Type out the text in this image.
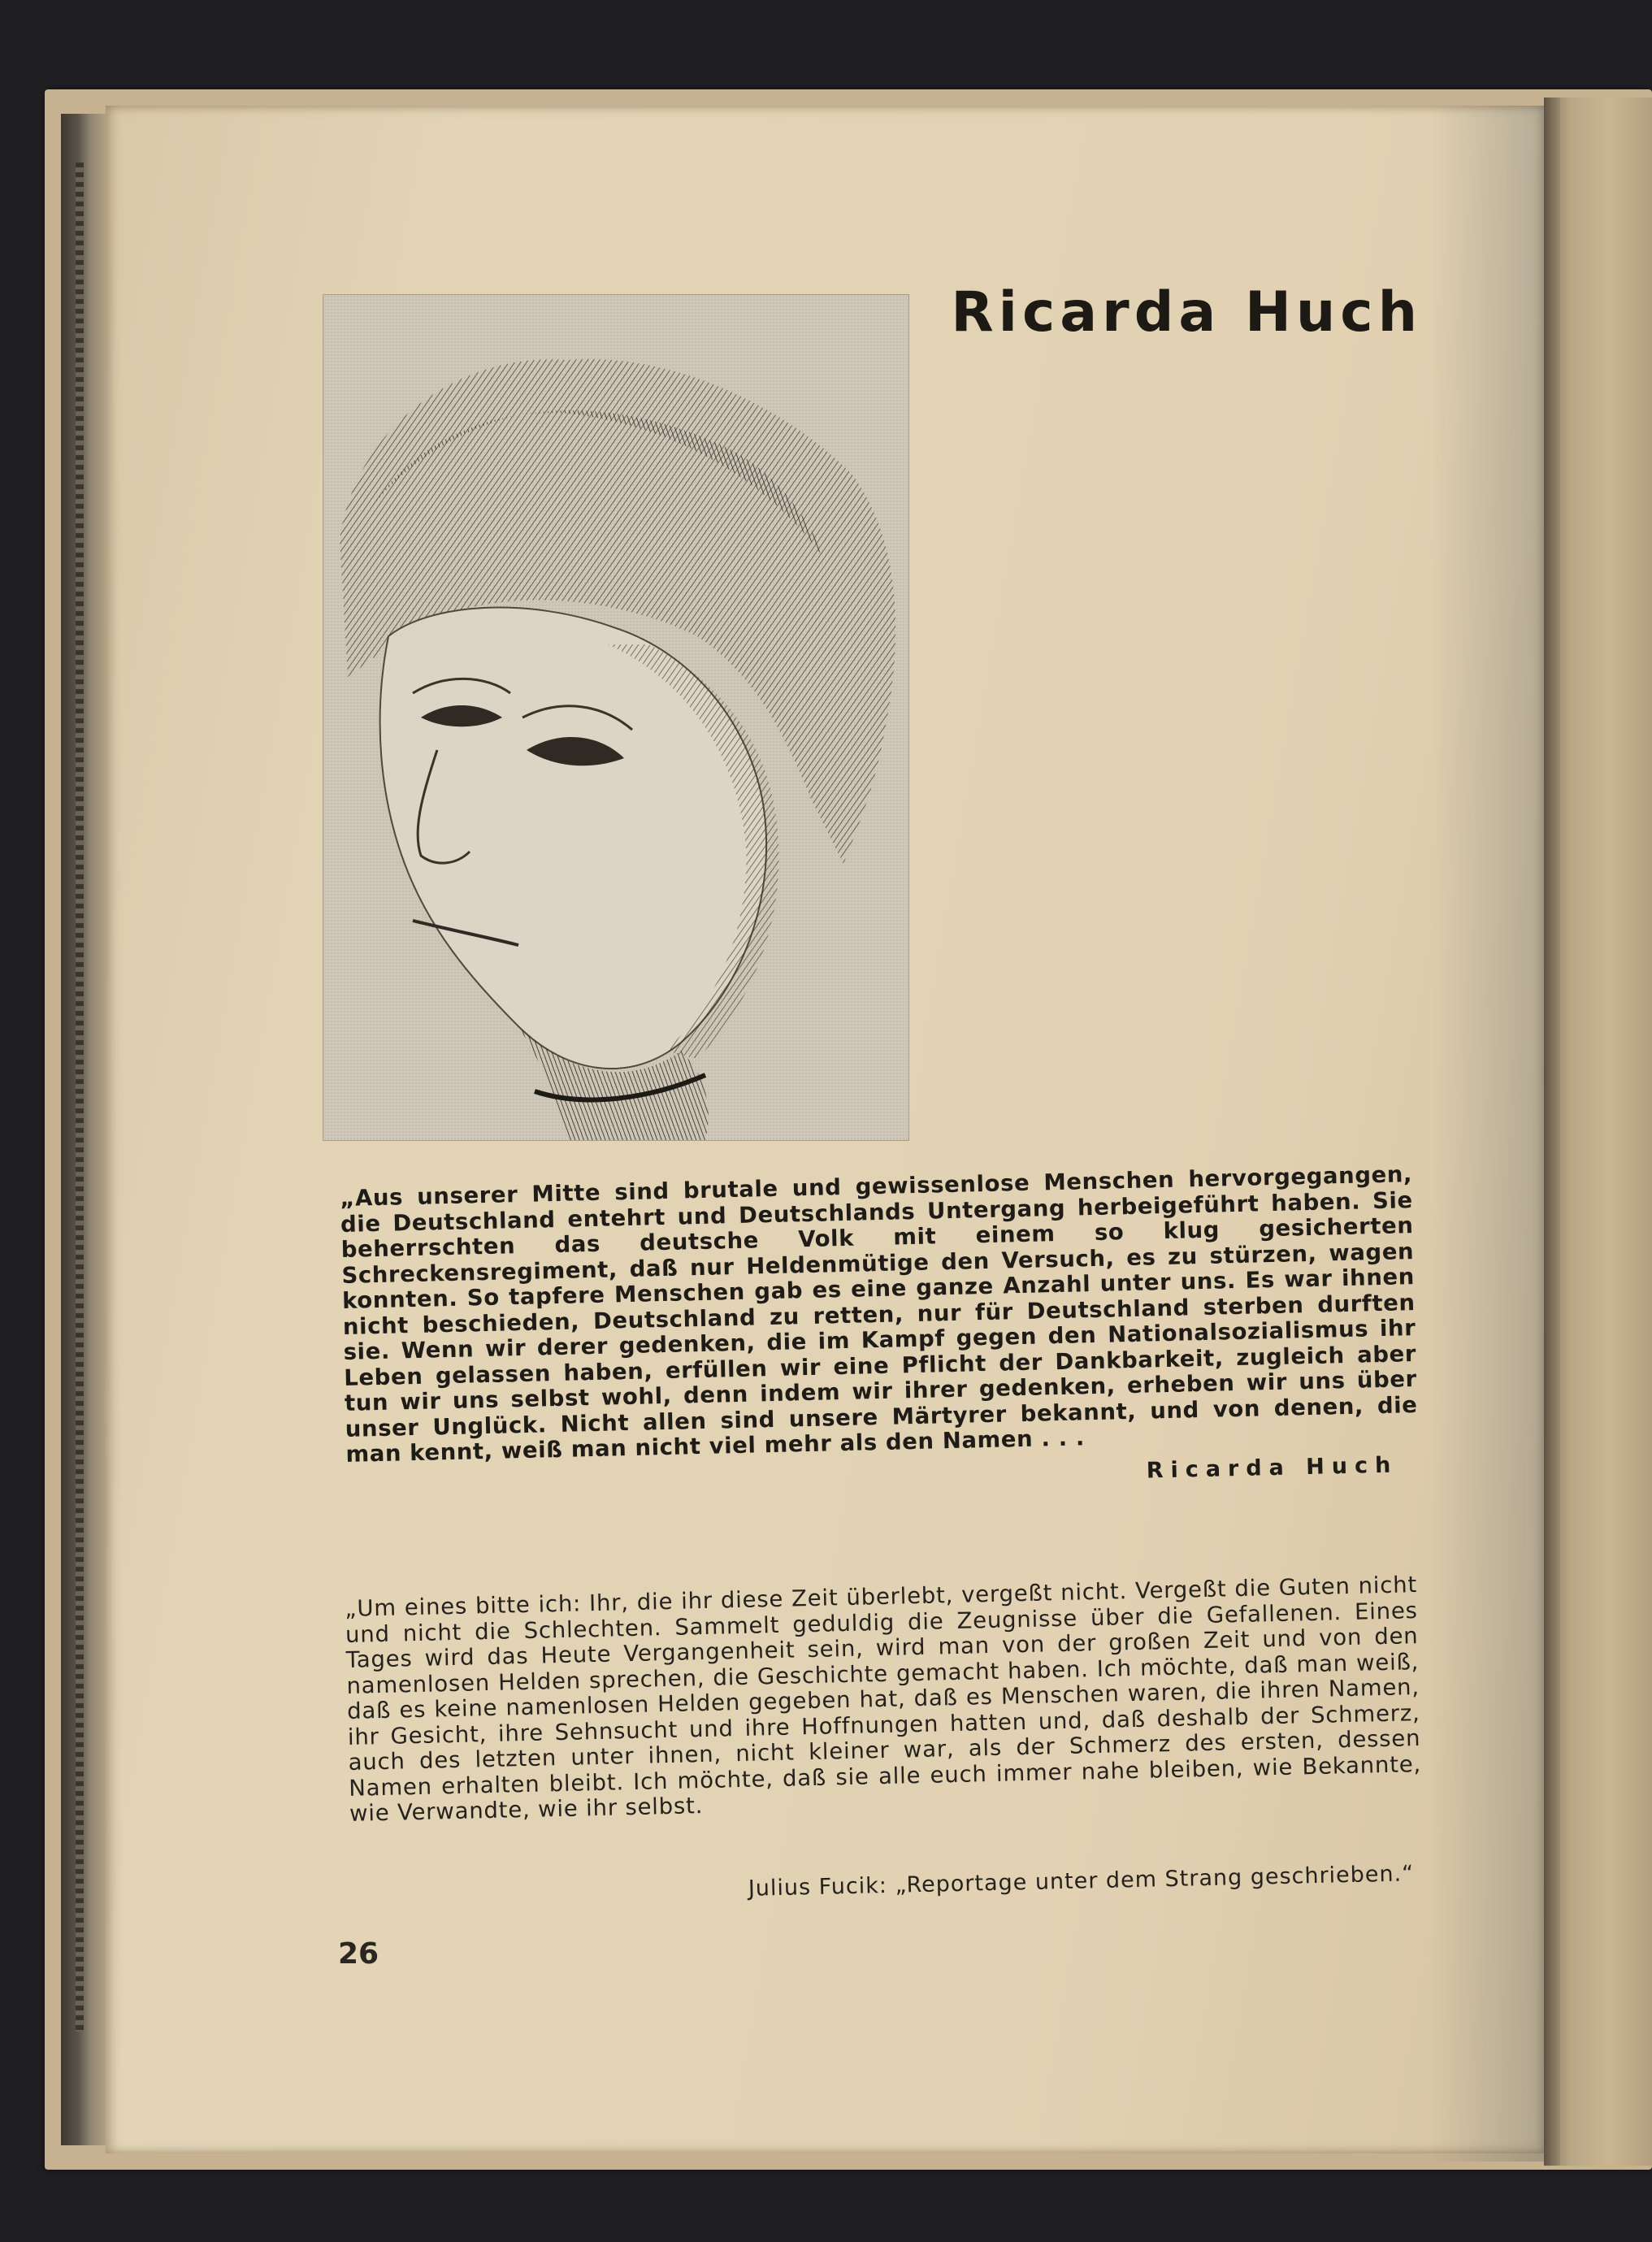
Ricarda Huch
„Aus unserer Mitte sind brutale und gewissenlose Menschen hervorgegangen, die Deutschland entehrt und Deutschlands Untergang herbeigeführt haben. Sie beherrschten das deutsche Volk mit einem so klug gesicherten Schreckensregiment, daß nur Heldenmütige den Versuch, es zu stürzen, wagen konnten. So tapfere Menschen gab es eine ganze Anzahl unter uns. Es war ihnen nicht beschieden, Deutschland zu retten, nur für Deutschland sterben durften sie. Wenn wir derer gedenken, die im Kampf gegen den Nationalsozialismus ihr Leben gelassen haben, erfüllen wir eine Pflicht der Dankbarkeit, zugleich aber tun wir uns selbst wohl, denn indem wir ihrer gedenken, erheben wir uns über unser Unglück. Nicht allen sind unsere Märtyrer bekannt, und von denen, die man kennt, weiß man nicht viel mehr als den Namen . . .
Ricarda Huch
„Um eines bitte ich: Ihr, die ihr diese Zeit überlebt, vergeßt nicht. Vergeßt die Guten nicht und nicht die Schlechten. Sammelt geduldig die Zeugnisse über die Gefallenen. Eines Tages wird das Heute Vergangenheit sein, wird man von der großen Zeit und von den namenlosen Helden sprechen, die Geschichte gemacht haben. Ich möchte, daß man weiß, daß es keine namenlosen Helden gegeben hat, daß es Menschen waren, die ihren Namen, ihr Gesicht, ihre Sehnsucht und ihre Hoffnungen hatten und, daß deshalb der Schmerz, auch des letzten unter ihnen, nicht kleiner war, als der Schmerz des ersten, dessen Namen erhalten bleibt. Ich möchte, daß sie alle euch immer nahe bleiben, wie Bekannte, wie Verwandte, wie ihr selbst.
Julius Fucik: „Reportage unter dem Strang geschrieben.“
26
